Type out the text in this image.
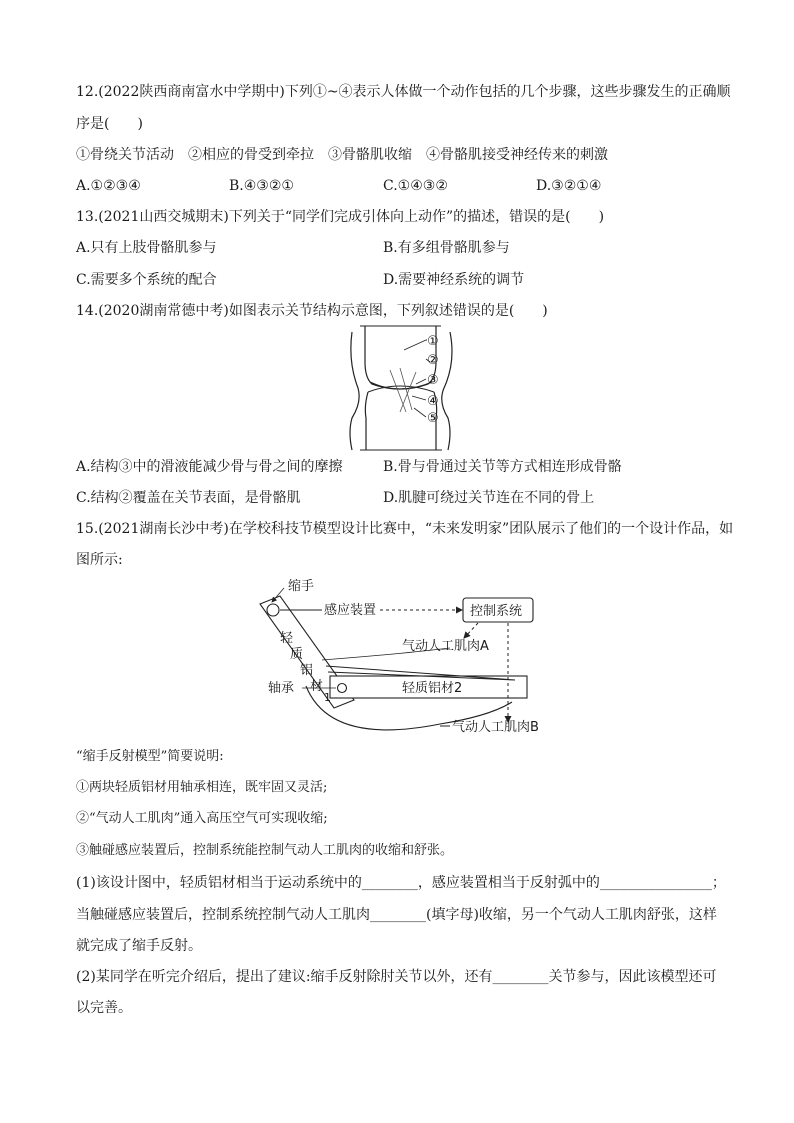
12.(2022陕西商南富水中学期中)下列①~④表示人体做一个动作包括的几个步骤，这些步骤发生的正确顺
序是(　　)
①骨绕关节活动　②相应的骨受到牵拉　③骨骼肌收缩　④骨骼肌接受神经传来的刺激
A.①②③④	B.④③②①	C.①④③②	D.③②①④
13.(2021山西交城期末)下列关于“同学们完成引体向上动作”的描述，错误的是(　　)
A.只有上肢骨骼肌参与	B.有多组骨骼肌参与
C.需要多个系统的配合	D.需要神经系统的调节
14.(2020湖南常德中考)如图表示关节结构示意图，下列叙述错误的是(　　)
①
②
③
④
⑤
A.结构③中的滑液能减少骨与骨之间的摩擦	B.骨与骨通过关节等方式相连形成骨骼
C.结构②覆盖在关节表面，是骨骼肌	D.肌腱可绕过关节连在不同的骨上
15.(2021湖南长沙中考)在学校科技节模型设计比赛中，“未来发明家”团队展示了他们的一个设计作品，如
图所示:
缩手
感应装置	控制系统
气动人工肌肉A
气动人工肌肉B
轴承	轻质铝材2
轻
质
铝
材
1
“缩手反射模型”简要说明:
①两块轻质铝材用轴承相连，既牢固又灵活;
②“气动人工肌肉”通入高压空气可实现收缩;
③触碰感应装置后，控制系统能控制气动人工肌肉的收缩和舒张。
(1)该设计图中，轻质铝材相当于运动系统中的________，感应装置相当于反射弧中的________________；
当触碰感应装置后，控制系统控制气动人工肌肉________(填字母)收缩，另一个气动人工肌肉舒张，这样
就完成了缩手反射。
(2)某同学在听完介绍后，提出了建议:缩手反射除肘关节以外，还有________关节参与，因此该模型还可
以完善。
